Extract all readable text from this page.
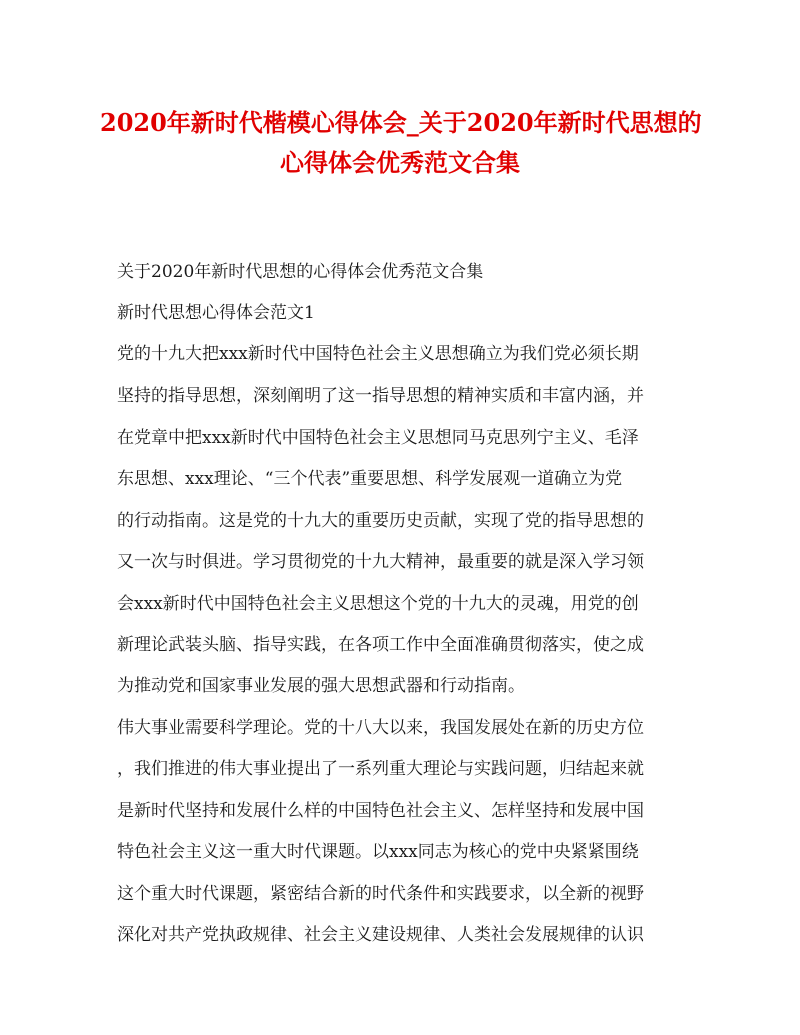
2020年新时代楷模心得体会_关于2020年新时代思想的
心得体会优秀范文合集

关于2020年新时代思想的心得体会优秀范文合集

新时代思想心得体会范文1

党的十九大把xxx新时代中国特色社会主义思想确立为我们党必须长期

坚持的指导思想，深刻阐明了这一指导思想的精神实质和丰富内涵，并

在党章中把xxx新时代中国特色社会主义思想同马克思列宁主义、毛泽

东思想、xxx理论、“三个代表”重要思想、科学发展观一道确立为党

的行动指南。这是党的十九大的重要历史贡献，实现了党的指导思想的

又一次与时俱进。学习贯彻党的十九大精神，最重要的就是深入学习领

会xxx新时代中国特色社会主义思想这个党的十九大的灵魂，用党的创

新理论武装头脑、指导实践，在各项工作中全面准确贯彻落实，使之成

为推动党和国家事业发展的强大思想武器和行动指南。

伟大事业需要科学理论。党的十八大以来，我国发展处在新的历史方位

，我们推进的伟大事业提出了一系列重大理论与实践问题，归结起来就

是新时代坚持和发展什么样的中国特色社会主义、怎样坚持和发展中国

特色社会主义这一重大时代课题。以xxx同志为核心的党中央紧紧围绕

这个重大时代课题，紧密结合新的时代条件和实践要求，以全新的视野

深化对共产党执政规律、社会主义建设规律、人类社会发展规律的认识
